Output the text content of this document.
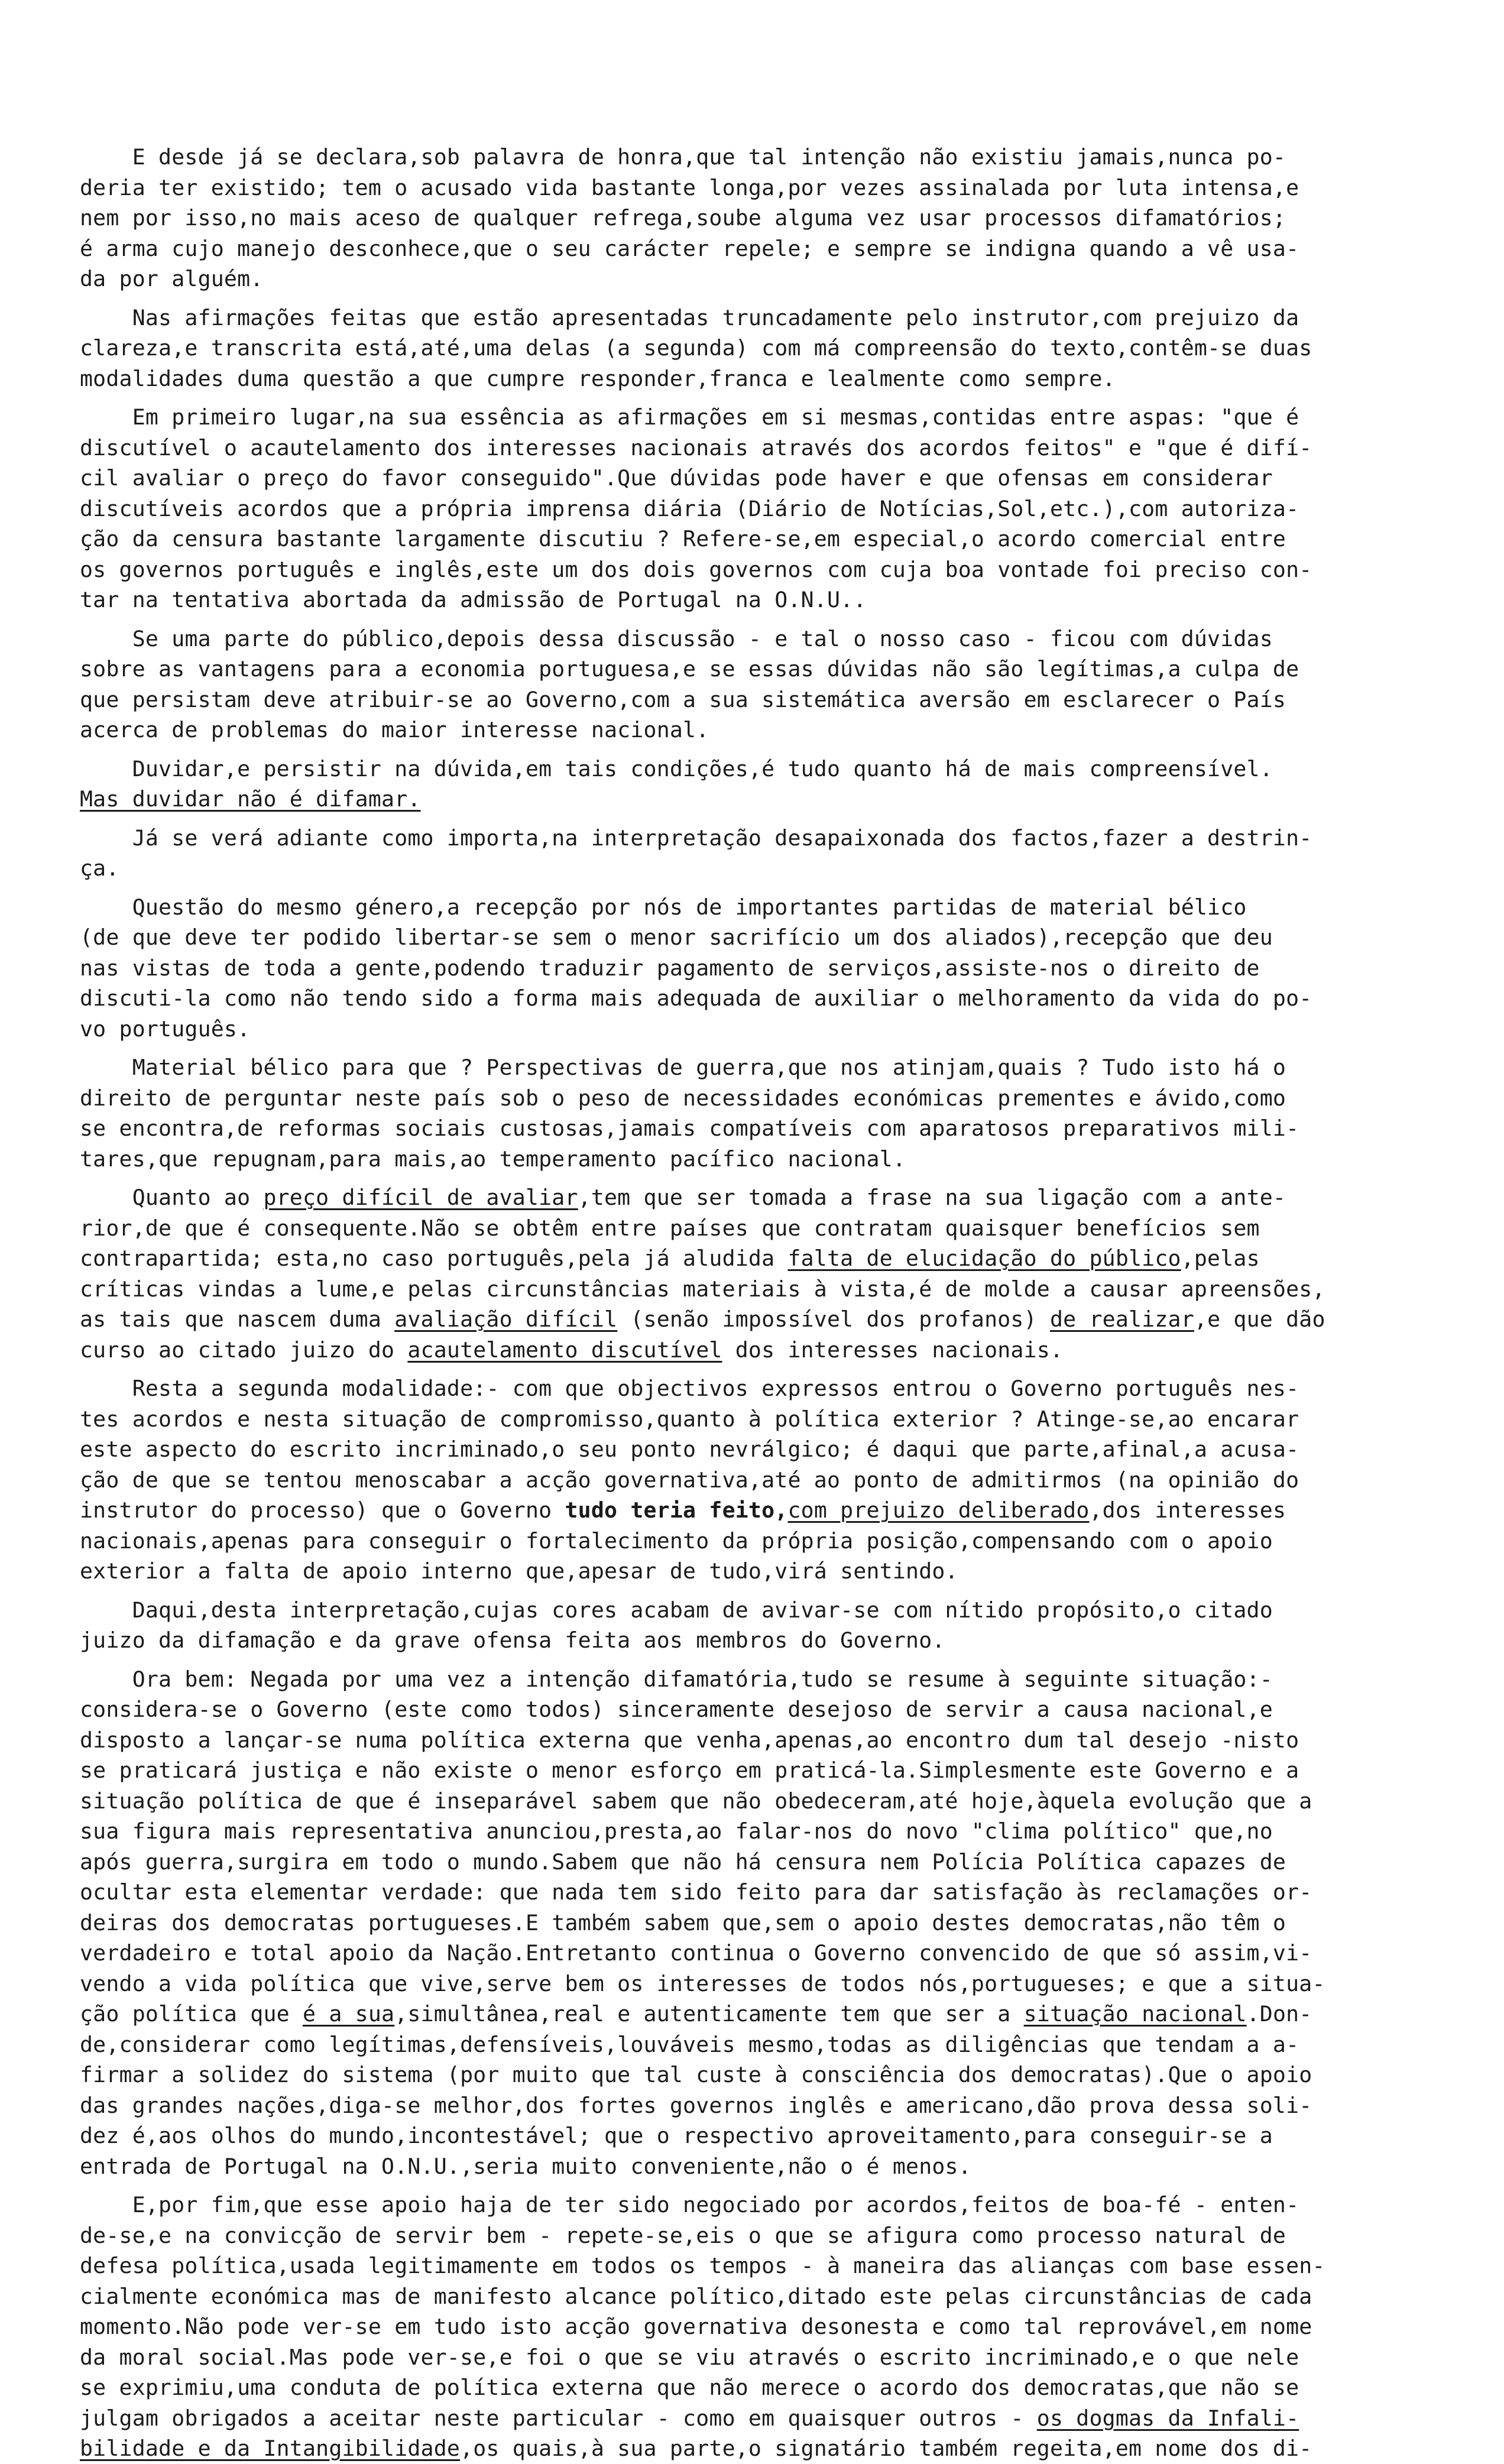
E desde já se declara,sob palavra de honra,que tal intenção não existiu jamais,nunca po-
deria ter existido; tem o acusado vida bastante longa,por vezes assinalada por luta intensa,e
nem por isso,no mais aceso de qualquer refrega,soube alguma vez usar processos difamatórios;
é arma cujo manejo desconhece,que o seu carácter repele; e sempre se indigna quando a vê usa-
da por alguém.
Nas afirmações feitas que estão apresentadas truncadamente pelo instrutor,com prejuizo da
clareza,e transcrita está,até,uma delas (a segunda) com má compreensão do texto,contêm-se duas
modalidades duma questão a que cumpre responder,franca e lealmente como sempre.
Em primeiro lugar,na sua essência as afirmações em si mesmas,contidas entre aspas: "que é
discutível o acautelamento dos interesses nacionais através dos acordos feitos" e "que é difí-
cil avaliar o preço do favor conseguido".Que dúvidas pode haver e que ofensas em considerar
discutíveis acordos que a própria imprensa diária (Diário de Notícias,Sol,etc.),com autoriza-
ção da censura bastante largamente discutiu ? Refere-se,em especial,o acordo comercial entre
os governos português e inglês,este um dos dois governos com cuja boa vontade foi preciso con-
tar na tentativa abortada da admissão de Portugal na O.N.U..
Se uma parte do público,depois dessa discussão - e tal o nosso caso - ficou com dúvidas
sobre as vantagens para a economia portuguesa,e se essas dúvidas não são legítimas,a culpa de
que persistam deve atribuir-se ao Governo,com a sua sistemática aversão em esclarecer o País
acerca de problemas do maior interesse nacional.
Duvidar,e persistir na dúvida,em tais condições,é tudo quanto há de mais compreensível.
Mas duvidar não é difamar.
Já se verá adiante como importa,na interpretação desapaixonada dos factos,fazer a destrin-
ça.
Questão do mesmo género,a recepção por nós de importantes partidas de material bélico
(de que deve ter podido libertar-se sem o menor sacrifício um dos aliados),recepção que deu
nas vistas de toda a gente,podendo traduzir pagamento de serviços,assiste-nos o direito de
discuti-la como não tendo sido a forma mais adequada de auxiliar o melhoramento da vida do po-
vo português.
Material bélico para que ? Perspectivas de guerra,que nos atinjam,quais ? Tudo isto há o
direito de perguntar neste país sob o peso de necessidades económicas prementes e ávido,como
se encontra,de reformas sociais custosas,jamais compatíveis com aparatosos preparativos mili-
tares,que repugnam,para mais,ao temperamento pacífico nacional.
Quanto ao preço difícil de avaliar,tem que ser tomada a frase na sua ligação com a ante-
rior,de que é consequente.Não se obtêm entre países que contratam quaisquer benefícios sem
contrapartida; esta,no caso português,pela já aludida falta de elucidação do público,pelas
críticas vindas a lume,e pelas circunstâncias materiais à vista,é de molde a causar apreensões,
as tais que nascem duma avaliação difícil (senão impossível dos profanos) de realizar,e que dão
curso ao citado juizo do acautelamento discutível dos interesses nacionais.
Resta a segunda modalidade:- com que objectivos expressos entrou o Governo português nes-
tes acordos e nesta situação de compromisso,quanto à política exterior ? Atinge-se,ao encarar
este aspecto do escrito incriminado,o seu ponto nevrálgico; é daqui que parte,afinal,a acusa-
ção de que se tentou menoscabar a acção governativa,até ao ponto de admitirmos (na opinião do
instrutor do processo) que o Governo tudo teria feito,com prejuizo deliberado,dos interesses
nacionais,apenas para conseguir o fortalecimento da própria posição,compensando com o apoio
exterior a falta de apoio interno que,apesar de tudo,virá sentindo.
Daqui,desta interpretação,cujas cores acabam de avivar-se com nítido propósito,o citado
juizo da difamação e da grave ofensa feita aos membros do Governo.
Ora bem: Negada por uma vez a intenção difamatória,tudo se resume à seguinte situação:-
considera-se o Governo (este como todos) sinceramente desejoso de servir a causa nacional,e
disposto a lançar-se numa política externa que venha,apenas,ao encontro dum tal desejo -nisto
se praticará justiça e não existe o menor esforço em praticá-la.Simplesmente este Governo e a
situação política de que é inseparável sabem que não obedeceram,até hoje,àquela evolução que a
sua figura mais representativa anunciou,presta,ao falar-nos do novo "clima político" que,no
após guerra,surgira em todo o mundo.Sabem que não há censura nem Polícia Política capazes de
ocultar esta elementar verdade: que nada tem sido feito para dar satisfação às reclamações or-
deiras dos democratas portugueses.E também sabem que,sem o apoio destes democratas,não têm o
verdadeiro e total apoio da Nação.Entretanto continua o Governo convencido de que só assim,vi-
vendo a vida política que vive,serve bem os interesses de todos nós,portugueses; e que a situa-
ção política que é a sua,simultânea,real e autenticamente tem que ser a situação nacional.Don-
de,considerar como legítimas,defensíveis,louváveis mesmo,todas as diligências que tendam a a-
firmar a solidez do sistema (por muito que tal custe à consciência dos democratas).Que o apoio
das grandes nações,diga-se melhor,dos fortes governos inglês e americano,dão prova dessa soli-
dez é,aos olhos do mundo,incontestável; que o respectivo aproveitamento,para conseguir-se a
entrada de Portugal na O.N.U.,seria muito conveniente,não o é menos.
E,por fim,que esse apoio haja de ter sido negociado por acordos,feitos de boa-fé - enten-
de-se,e na convicção de servir bem - repete-se,eis o que se afigura como processo natural de
defesa política,usada legitimamente em todos os tempos - à maneira das alianças com base essen-
cialmente económica mas de manifesto alcance político,ditado este pelas circunstâncias de cada
momento.Não pode ver-se em tudo isto acção governativa desonesta e como tal reprovável,em nome
da moral social.Mas pode ver-se,e foi o que se viu através o escrito incriminado,e o que nele
se exprimiu,uma conduta de política externa que não merece o acordo dos democratas,que não se
julgam obrigados a aceitar neste particular - como em quaisquer outros - os dogmas da Infali-
bilidade e da Intangibilidade,os quais,à sua parte,o signatário também regeita,em nome dos di-
